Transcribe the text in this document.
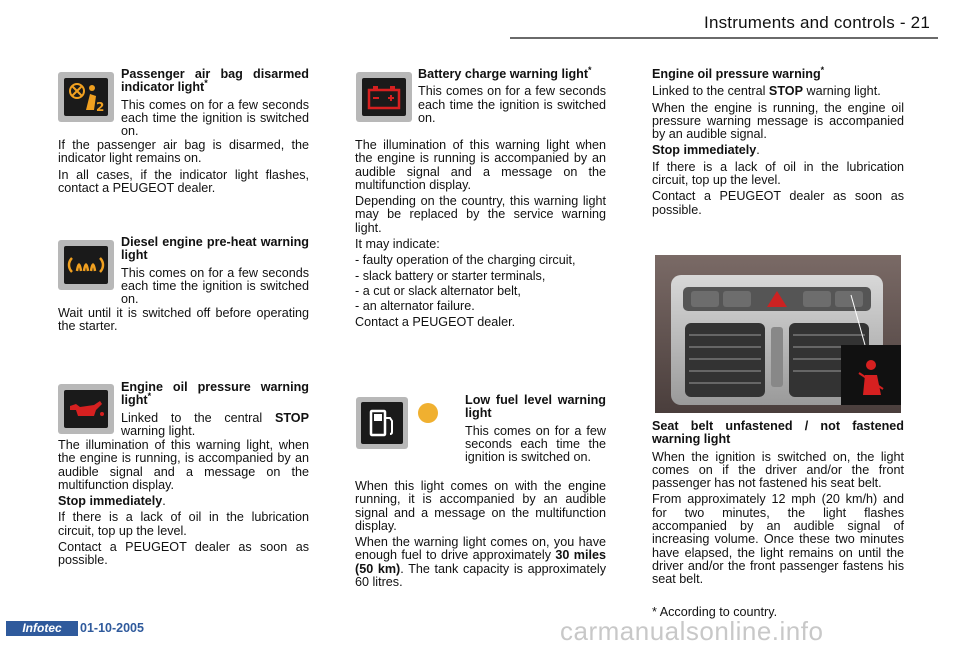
Instruments and controls - 21
2
Passenger air bag disarmed indicator light*

This comes on for a few seconds each time the ignition is switched on.

If the passenger air bag is disarmed, the indicator light remains on.

In all cases, if the indicator light flashes, contact a PEUGEOT dealer.

Diesel engine pre-heat warning light

This comes on for a few seconds each time the ignition is switched on.

Wait until it is switched off before operating the starter.

Engine oil pressure warning light*

Linked to the central STOP warning light.

The illumination of this warning light, when the engine is running, is accompanied by an audible signal and a message on the multifunction display.

Stop immediately.

If there is a lack of oil in the lubrication circuit, top up the level.

Contact a PEUGEOT dealer as soon as possible.

Battery charge warning light*

This comes on for a few seconds each time the ignition is switched on.

The illumination of this warning light when the engine is running is accompanied by an audible signal and a message on the multifunction display.

Depending on the country, this warning light may be replaced by the service warning light.

It may indicate:

- faulty operation of the charging circuit,
- slack battery or starter terminals,
- a cut or slack alternator belt,
- an alternator failure.

Contact a PEUGEOT dealer.

Low fuel level warning light

This comes on for a few seconds each time the ignition is switched on.

When this light comes on with the engine running, it is accompanied by an audible signal and a message on the multifunction display.

When the warning light comes on, you have enough fuel to drive approximately 30 miles (50 km). The tank capacity is approximately 60 litres.

Engine oil pressure warning*

Linked to the central STOP warning light.

When the engine is running, the engine oil pressure warning message is accompanied by an audible signal.

Stop immediately.

If there is a lack of oil in the lubrication circuit, top up the level.

Contact a PEUGEOT dealer as soon as possible.

Seat belt unfastened / not fastened warning light

When the ignition is switched on, the light comes on if the driver and/or the front passenger has not fastened his seat belt.

From approximately 12 mph (20 km/h) and for two minutes, the light flashes accompanied by an audible signal of increasing volume. Once these two minutes have elapsed, the light remains on until the driver and/or the front passenger fastens his seat belt.

* According to country.
Infotec	01-10-2005	carmanualsonline.info
